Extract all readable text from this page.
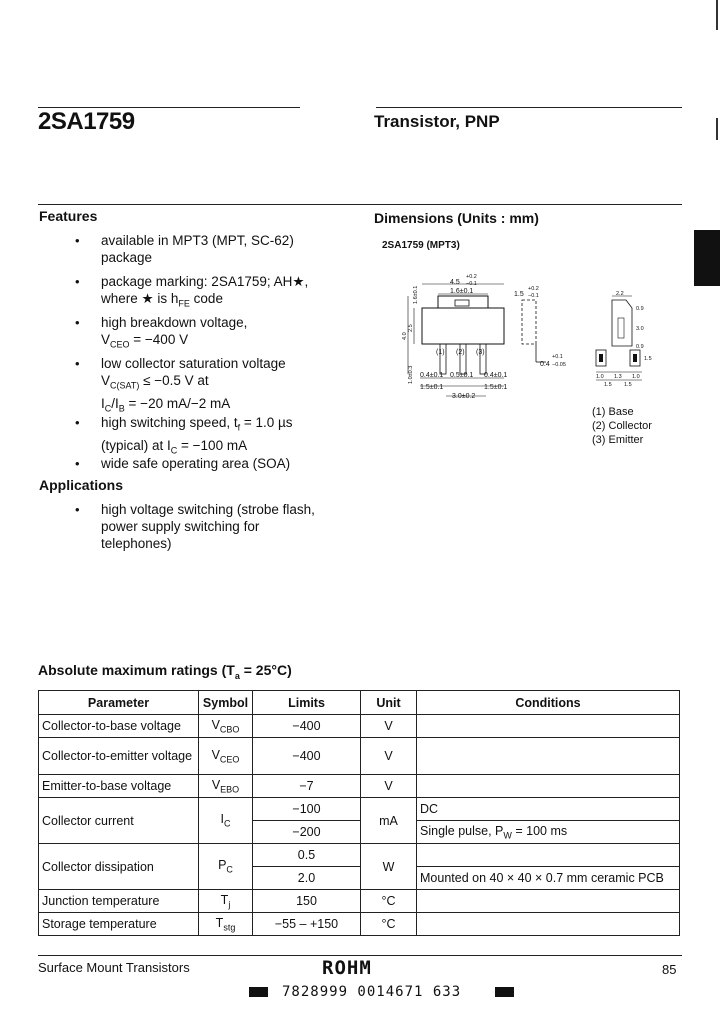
2SA1759	Transistor, PNP
Features
• available in MPT3 (MPT, SC-62)
package
• package marking: 2SA1759; AH★,
where ★ is $h_{FE}$ code
• high breakdown voltage,
$V_{CEO} = -400$ V
• low collector saturation voltage
$V_{C(SAT)} \le -0.5$ V at
$I_C/I_B = -20$ mA/−2 mA
• high switching speed, $t_f = 1.0$ µs
(typical) at $I_C = -100$ mA
• wide safe operating area (SOA)
Applications
• high voltage switching (strobe flash,
power supply switching for
telephones)
Dimensions (Units : mm)
2SA1759 (MPT3)
4.5
+0.2
−0.1
1.6±0.1
1.6±0.1
2.5
4.0
1.0±0.3
(1) (2) (3)
0.4±0.1 0.5±0.1 0.4±0.1
1.5±0.1	1.5±0.1
3.0±0.2
1.5
+0.2
−0.1
0.4
+0.1
−0.05
2.2
0.9
3.0
0.9
1.5
1.0 1.3 1.0
1.5 1.5
(1) Base
(2) Collector
(3) Emitter
Absolute maximum ratings $(T_a = 25^\circ C)$
Parameter	Symbol	Limits	Unit	Conditions
Collector-to-base voltage	$V_{CBO}$	−400	V	
Collector-to-emitter voltage	$V_{CEO}$	−400	V	
Emitter-to-base voltage	$V_{EBO}$	−7	V	
Collector current	$I_C$	−100	mA	DC
		−200		Single pulse, $P_W = 100$ ms
Collector dissipation	$P_C$	0.5	W	
		2.0		Mounted on 40 × 40 × 0.7 mm ceramic PCB
Junction temperature	$T_j$	150	°C	
Storage temperature	$T_{stg}$	−55 – +150	°C	
Surface Mount Transistors	ROHM	85
7828999 0014671 633
